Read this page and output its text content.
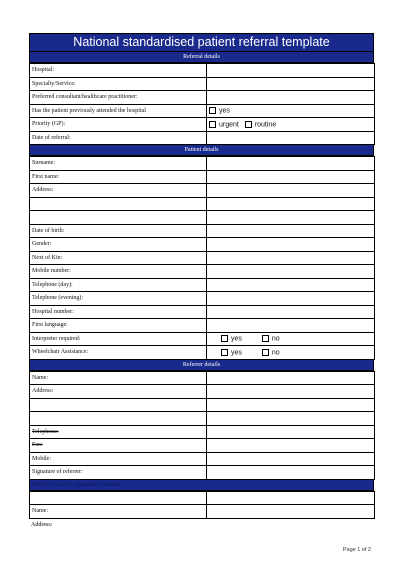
National standardised patient referral template
Referral details
Hospital:	
Specialty/Service:	
Preferred consultant/healthcare practitioner:	
Has the patient previously attended the hospital	yes
Priority (GP):	urgent routine
Date of referral:	
Patient details
Surname:	
First name:	
Address:	

Date of birth:	
Gender:	
Next of Kin:	
Mobile number:	
Telephone (day):	
Telephone (evening):	
Hospital number:	
First language:	
Interpreter required:	yes no
Wheelchair Assistance:	yes no
Referrer details
Name:	
Address:	

Telephone:	
Fax:	
Mobile:	
Signature of referrer:	
Medical Council registration number

Name:	
Address:
Page 1 of 2
